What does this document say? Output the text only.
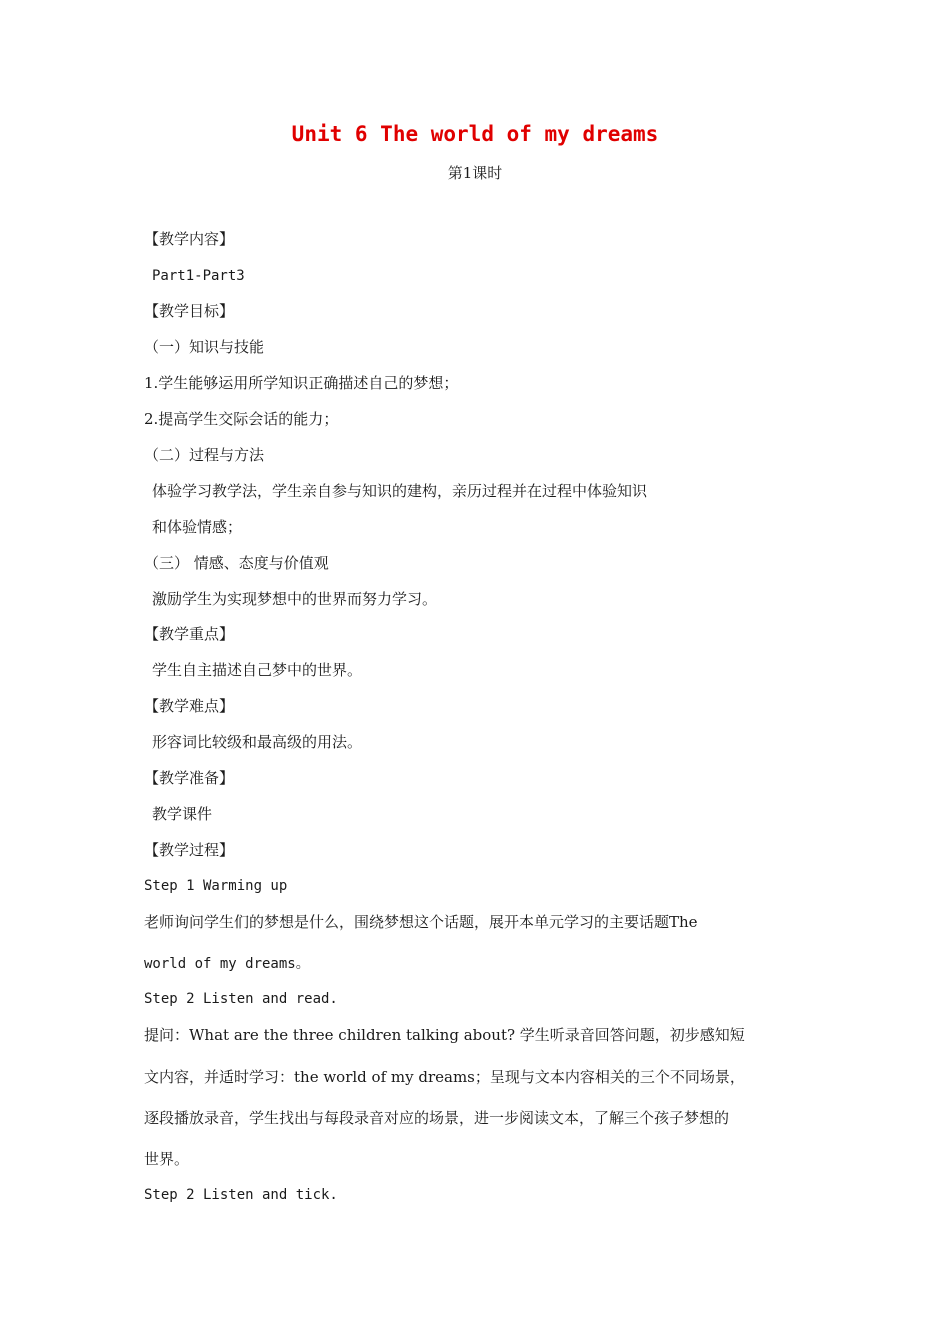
Unit 6 The world of my dreams
第1课时
【教学内容】
Part1-Part3
【教学目标】
（一）知识与技能
1.学生能够运用所学知识正确描述自己的梦想；
2.提高学生交际会话的能力；
（二）过程与方法
体验学习教学法，学生亲自参与知识的建构，亲历过程并在过程中体验知识
和体验情感；
（三） 情感、态度与价值观
激励学生为实现梦想中的世界而努力学习。
【教学重点】
学生自主描述自己梦中的世界。
【教学难点】
形容词比较级和最高级的用法。
【教学准备】
教学课件
【教学过程】
Step 1 Warming up
老师询问学生们的梦想是什么，围绕梦想这个话题，展开本单元学习的主要话题The
world of my dreams。
Step 2 Listen and read.
提问：What are the three children talking about? 学生听录音回答问题，初步感知短
文内容，并适时学习：the world of my dreams；呈现与文本内容相关的三个不同场景，
逐段播放录音，学生找出与每段录音对应的场景，进一步阅读文本，了解三个孩子梦想的
世界。
Step 2 Listen and tick.
